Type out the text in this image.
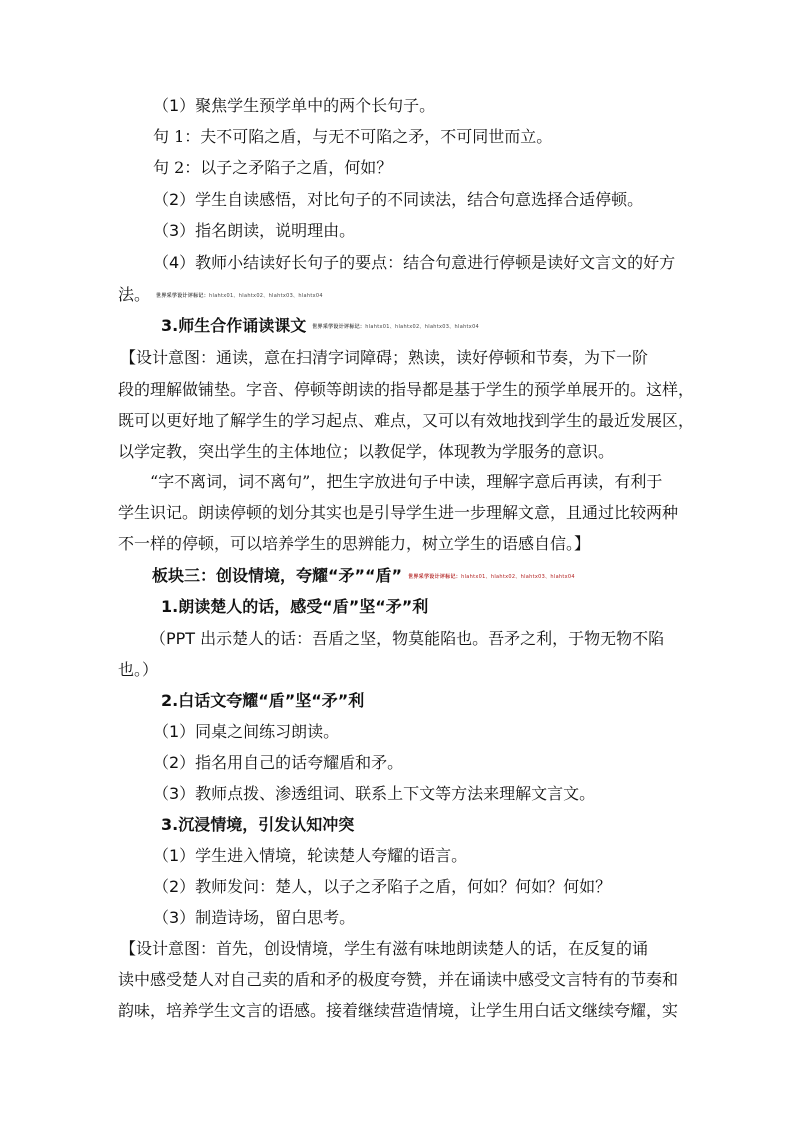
（1）聚焦学生预学单中的两个长句子。
句 1：夫不可陷之盾，与无不可陷之矛，不可同世而立。
句 2：以子之矛陷子之盾，何如？
（2）学生自读感悟，对比句子的不同读法，结合句意选择合适停顿。
（3）指名朗读，说明理由。
（4）教师小结读好长句子的要点：结合句意进行停顿是读好文言文的好方
法。 世界采学设计评标记：hlahtx01、hlahtx02、hlahtx03、hlahtx04
3.师生合作诵读课文 世界采学设计评标记：hlahtx01、hlahtx02、hlahtx03、hlahtx04
【设计意图：通读，意在扫清字词障碍；熟读，读好停顿和节奏，为下一阶
段的理解做铺垫。字音、停顿等朗读的指导都是基于学生的预学单展开的。这样，
既可以更好地了解学生的学习起点、难点，又可以有效地找到学生的最近发展区，
以学定教，突出学生的主体地位；以教促学，体现教为学服务的意识。
“字不离词，词不离句”，把生字放进句子中读，理解字意后再读，有利于
学生识记。朗读停顿的划分其实也是引导学生进一步理解文意，且通过比较两种
不一样的停顿，可以培养学生的思辨能力，树立学生的语感自信。】
板块三：创设情境，夸耀“矛”“盾” 世界采学设计评标记：hlahtx01、hlahtx02、hlahtx03、hlahtx04
1.朗读楚人的话，感受“盾”坚“矛”利
（PPT 出示楚人的话：吾盾之坚，物莫能陷也。吾矛之利，于物无物不陷
也。）
2.白话文夸耀“盾”坚“矛”利
（1）同桌之间练习朗读。
（2）指名用自己的话夸耀盾和矛。
（3）教师点拨、渗透组词、联系上下文等方法来理解文言文。
3.沉浸情境，引发认知冲突
（1）学生进入情境，轮读楚人夸耀的语言。
（2）教师发问：楚人，以子之矛陷子之盾，何如？何如？何如？
（3）制造诗场，留白思考。
【设计意图：首先，创设情境，学生有滋有味地朗读楚人的话，在反复的诵
读中感受楚人对自己卖的盾和矛的极度夸赞，并在诵读中感受文言特有的节奏和
韵味，培养学生文言的语感。接着继续营造情境，让学生用白话文继续夸耀，实
